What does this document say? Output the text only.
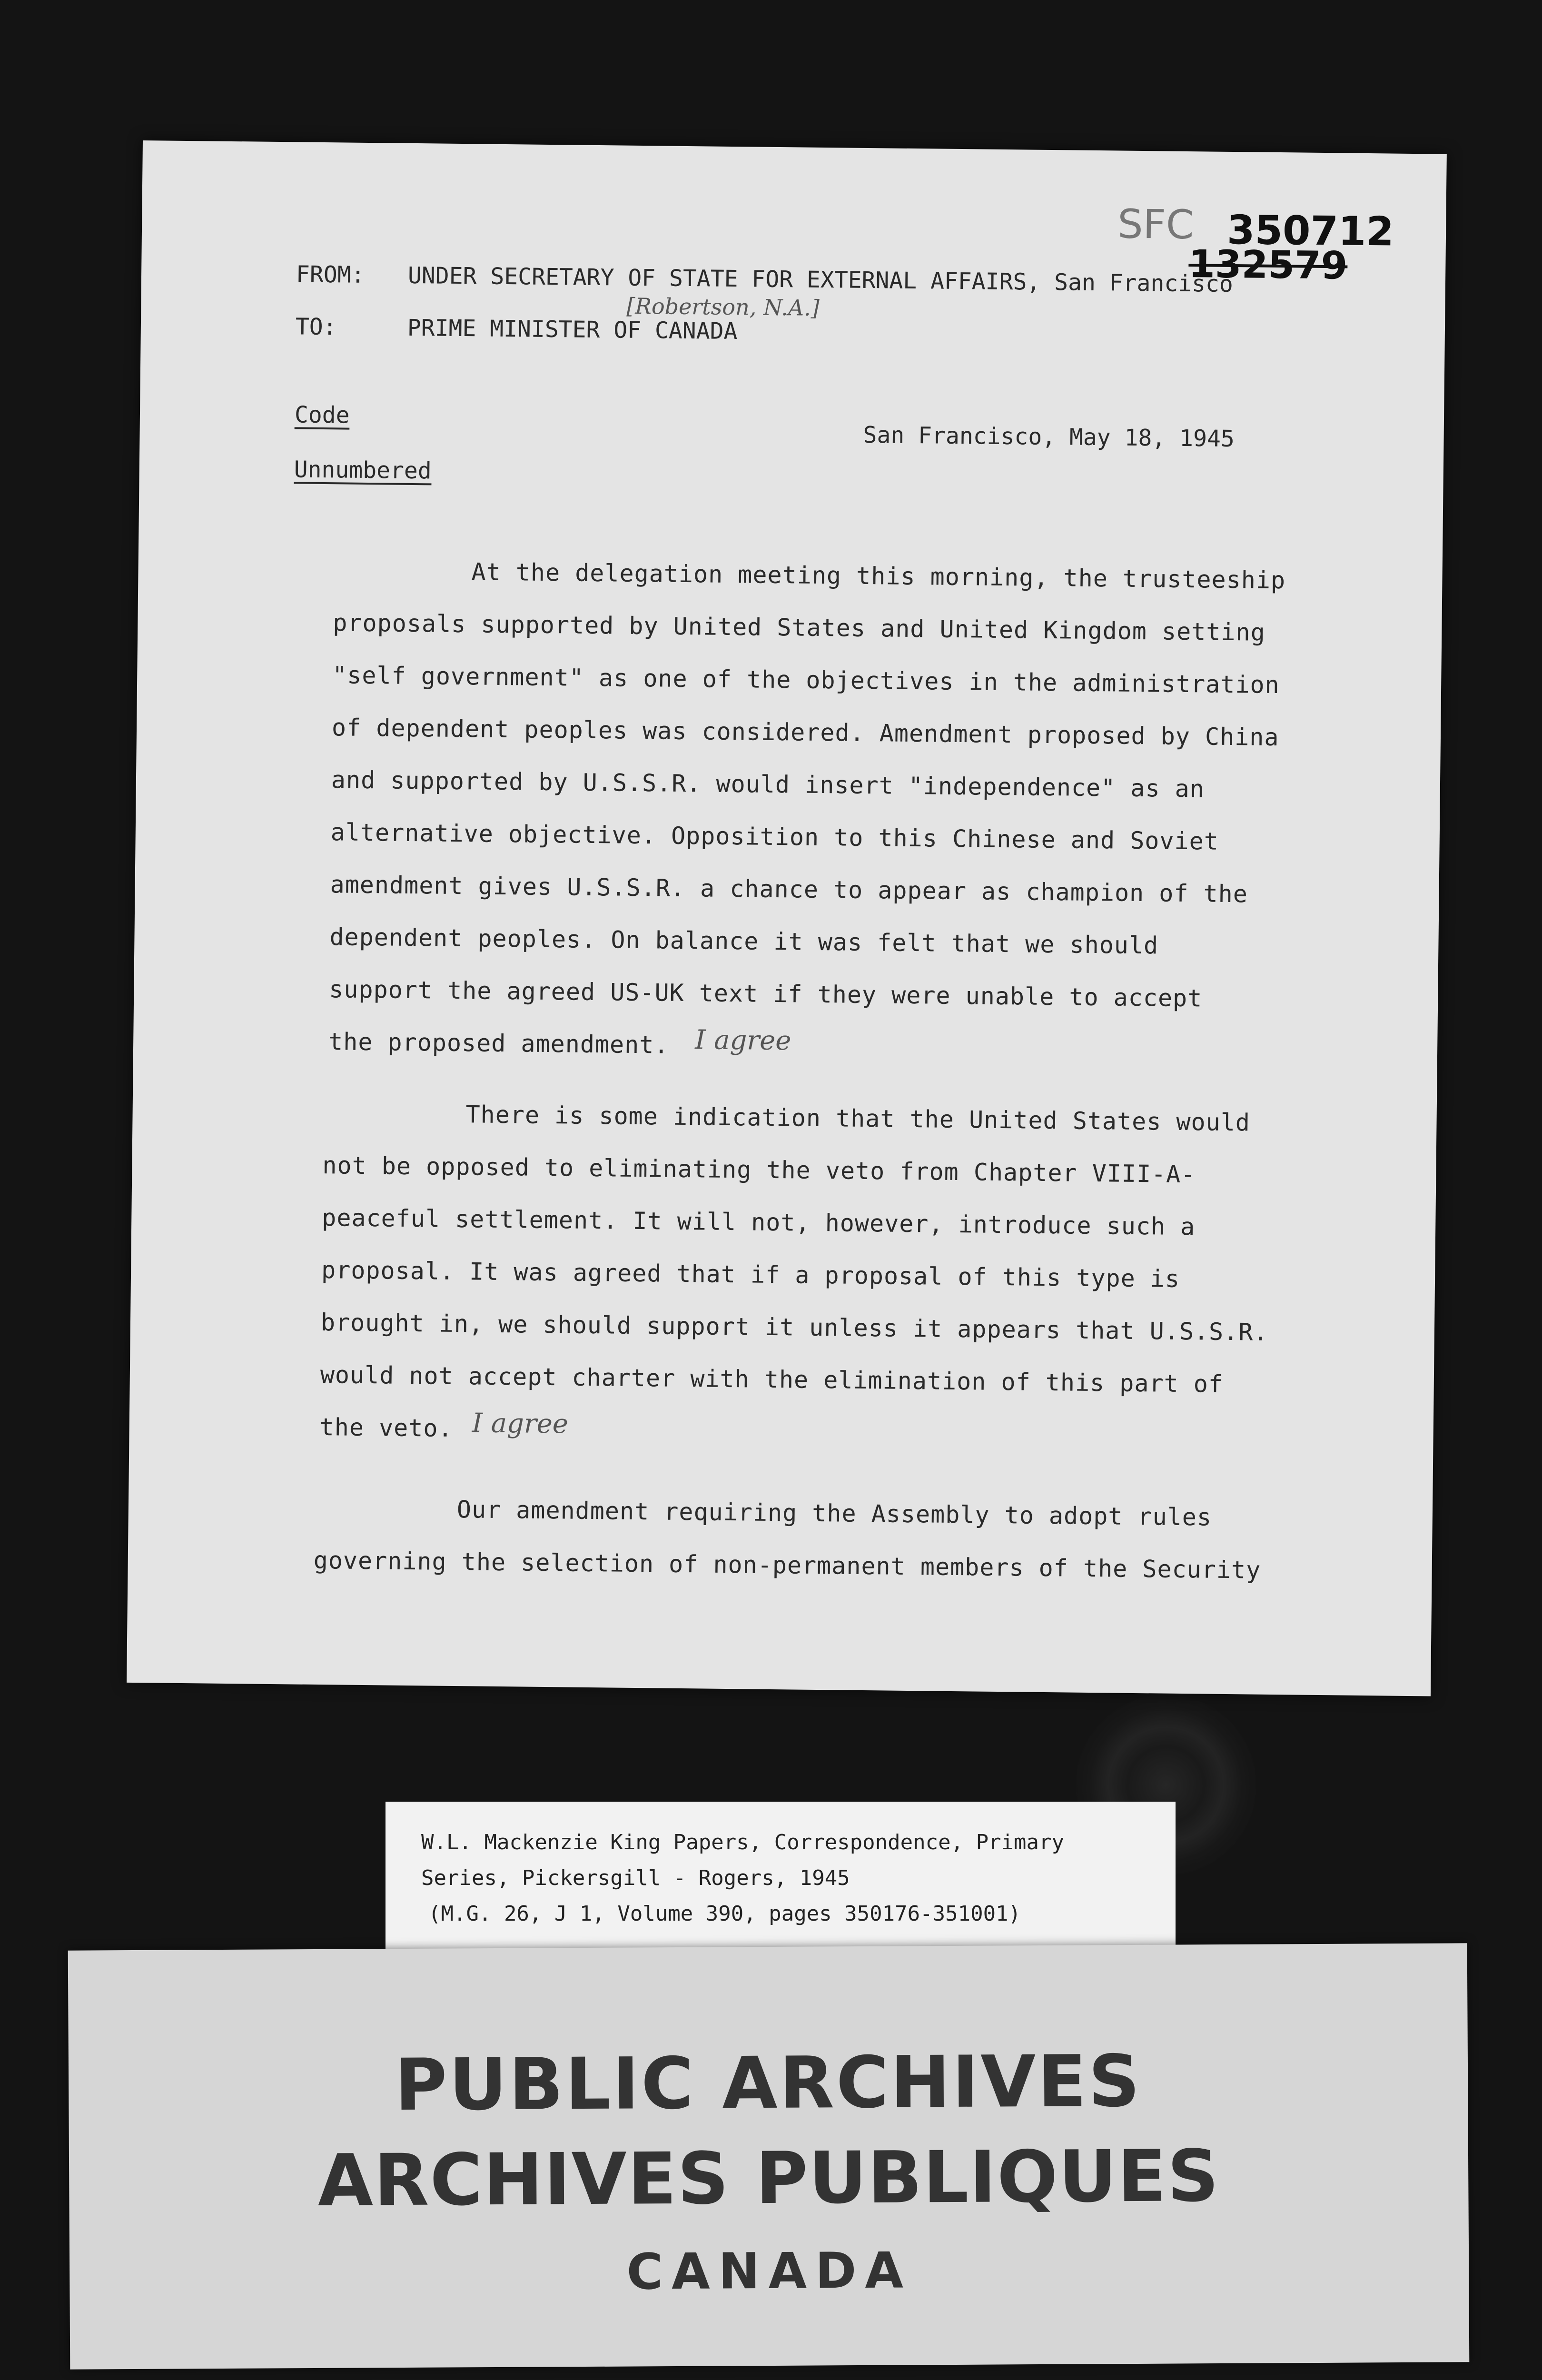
SFC 350712
132579
FROM: UNDER SECRETARY OF STATE FOR EXTERNAL AFFAIRS, San Francisco
[Robertson, N.A.]
TO:	PRIME MINISTER OF CANADA
Code
Unnumbered
San Francisco, May 18, 1945
At the delegation meeting this morning, the trusteeship
proposals supported by United States and United Kingdom setting
"self government" as one of the objectives in the administration
of dependent peoples was considered. Amendment proposed by China
and supported by U.S.S.R. would insert "independence" as an
alternative objective. Opposition to this Chinese and Soviet
amendment gives U.S.S.R. a chance to appear as champion of the
dependent peoples. On balance it was felt that we should
support the agreed US-UK text if they were unable to accept
the proposed amendment. I agree
There is some indication that the United States would
not be opposed to eliminating the veto from Chapter VIII-A-
peaceful settlement. It will not, however, introduce such a
proposal. It was agreed that if a proposal of this type is
brought in, we should support it unless it appears that U.S.S.R.
would not accept charter with the elimination of this part of
the veto. I agree
Our amendment requiring the Assembly to adopt rules
governing the selection of non-permanent members of the Security
W.L. Mackenzie King Papers, Correspondence, Primary
Series, Pickersgill - Rogers, 1945
(M.G. 26, J 1, Volume 390, pages 350176-351001)
PUBLIC ARCHIVES
ARCHIVES PUBLIQUES
CANADA
